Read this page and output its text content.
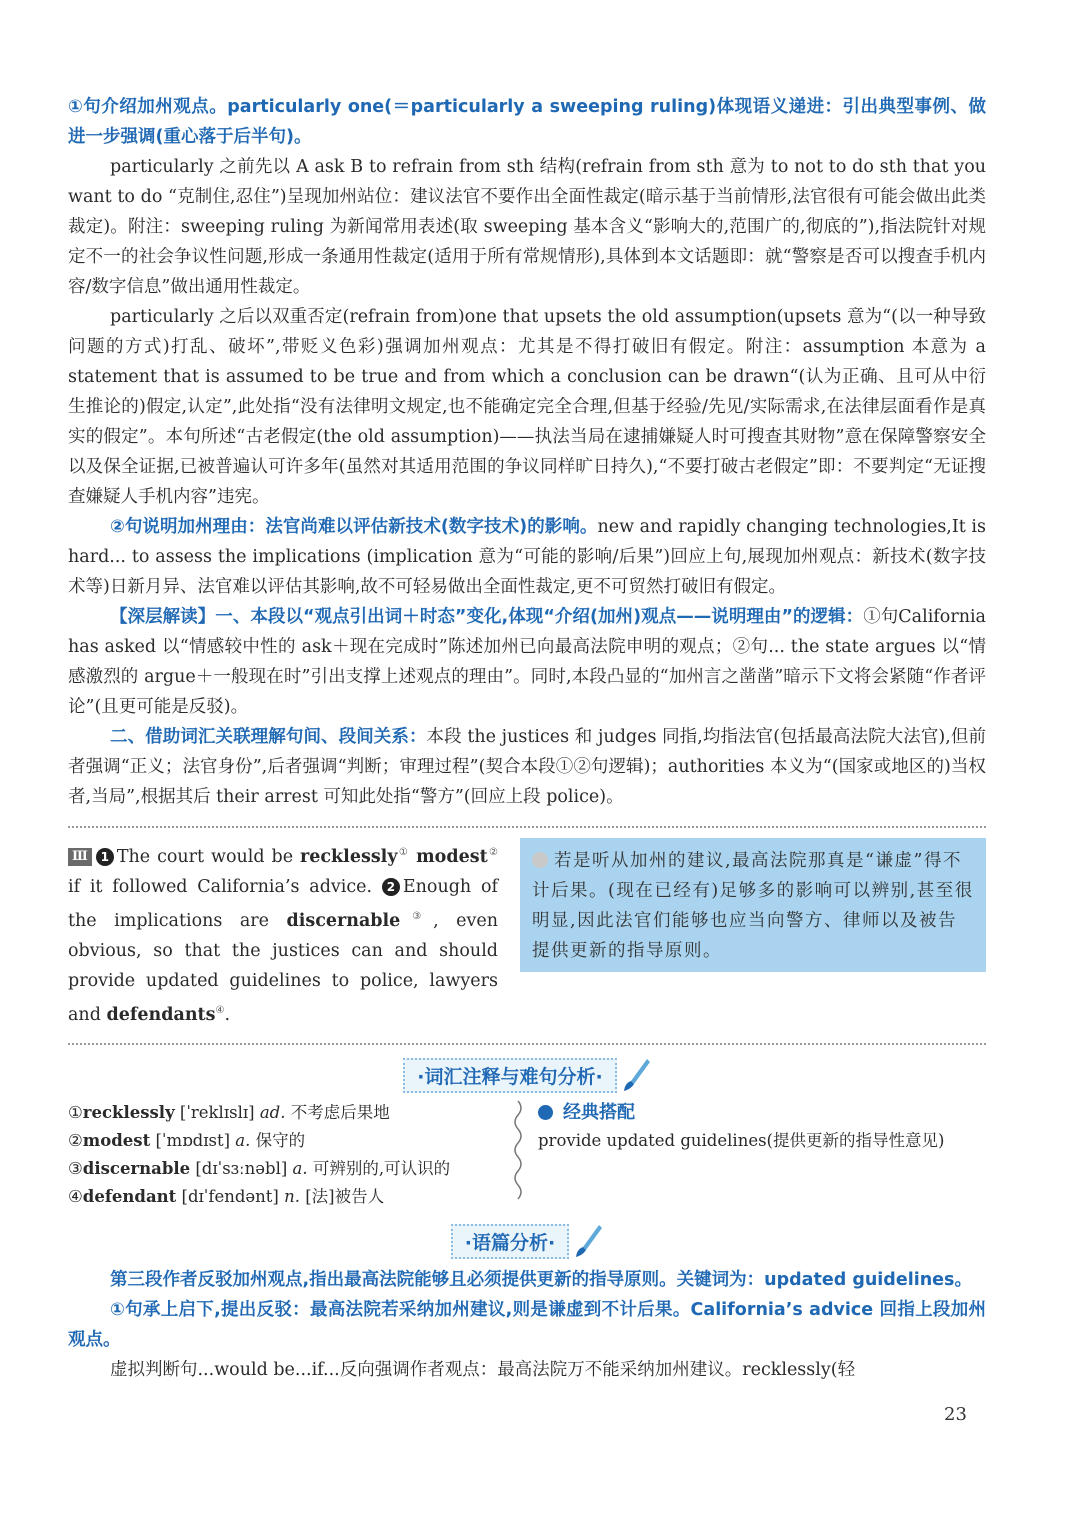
①句介绍加州观点。particularly one(＝particularly a sweeping ruling)体现语义递进：引出典型事例、做进一步强调(重心落于后半句)。

particularly 之前先以 A ask B to refrain from sth 结构(refrain from sth 意为 to not to do sth that you want to do “克制住,忍住”)呈现加州站位：建议法官不要作出全面性裁定(暗示基于当前情形,法官很有可能会做出此类裁定)。附注：sweeping ruling 为新闻常用表述(取 sweeping 基本含义“影响大的,范围广的,彻底的”),指法院针对规定不一的社会争议性问题,形成一条通用性裁定(适用于所有常规情形),具体到本文话题即：就“警察是否可以搜查手机内容/数字信息”做出通用性裁定。

particularly 之后以双重否定(refrain from)one that upsets the old assumption(upsets 意为“(以一种导致问题的方式)打乱、破坏”,带贬义色彩)强调加州观点：尤其是不得打破旧有假定。附注：assumption 本意为 a statement that is assumed to be true and from which a conclusion can be drawn“(认为正确、且可从中衍生推论的)假定,认定”,此处指“没有法律明文规定,也不能确定完全合理,但基于经验/先见/实际需求,在法律层面看作是真实的假定”。本句所述“古老假定(the old assumption)——执法当局在逮捕嫌疑人时可搜查其财物”意在保障警察安全以及保全证据,已被普遍认可许多年(虽然对其适用范围的争议同样旷日持久),“不要打破古老假定”即：不要判定“无证搜查嫌疑人手机内容”违宪。

②句说明加州理由：法官尚难以评估新技术(数字技术)的影响。new and rapidly changing technologies,It is hard... to assess the implications (implication 意为“可能的影响/后果”)回应上句,展现加州观点：新技术(数字技术等)日新月异、法官难以评估其影响,故不可轻易做出全面性裁定,更不可贸然打破旧有假定。

【深层解读】一、本段以“观点引出词＋时态”变化,体现“介绍(加州)观点——说明理由”的逻辑：①句California has asked 以“情感较中性的 ask＋现在完成时”陈述加州已向最高法院申明的观点；②句... the state argues 以“情感激烈的 argue＋一般现在时”引出支撑上述观点的理由”。同时,本段凸显的“加州言之凿凿”暗示下文将会紧随“作者评论”(且更可能是反驳)。

二、借助词汇关联理解句间、段间关系：本段 the justices 和 judges 同指,均指法官(包括最高法院大法官),但前者强调“正义；法官身份”,后者强调“判断；审理过程”(契合本段①②句逻辑)；authorities 本义为“(国家或地区的)当权者,当局”,根据其后 their arrest 可知此处指“警方”(回应上段 police)。

Ⅲ 1 The court would be recklessly① modest② if it followed California’s advice. 2 Enough of the implications are discernable③, even obvious, so that the justices can and should provide updated guidelines to police, lawyers and defendants④.
若是听从加州的建议,最高法院那真是“谦虚”得不计后果。(现在已经有)足够多的影响可以辨别,甚至很明显,因此法官们能够也应当向警方、律师以及被告提供更新的指导原则。
·词汇注释与难句分析·
①recklessly [ˈreklɪslɪ] ad. 不考虑后果地
②modest [ˈmɒdɪst] a. 保守的
③discernable [dɪˈsɜːnəbl] a. 可辨别的,可认识的
④defendant [dɪˈfendənt] n. [法]被告人
经典搭配
provide updated guidelines(提供更新的指导性意见)
·语篇分析·

第三段作者反驳加州观点,指出最高法院能够且必须提供更新的指导原则。关键词为：updated guidelines。

①句承上启下,提出反驳：最高法院若采纳加州建议,则是谦虚到不计后果。California’s advice 回指上段加州观点。

虚拟判断句...would be...if...反向强调作者观点：最高法院万不能采纳加州建议。recklessly(轻

23
